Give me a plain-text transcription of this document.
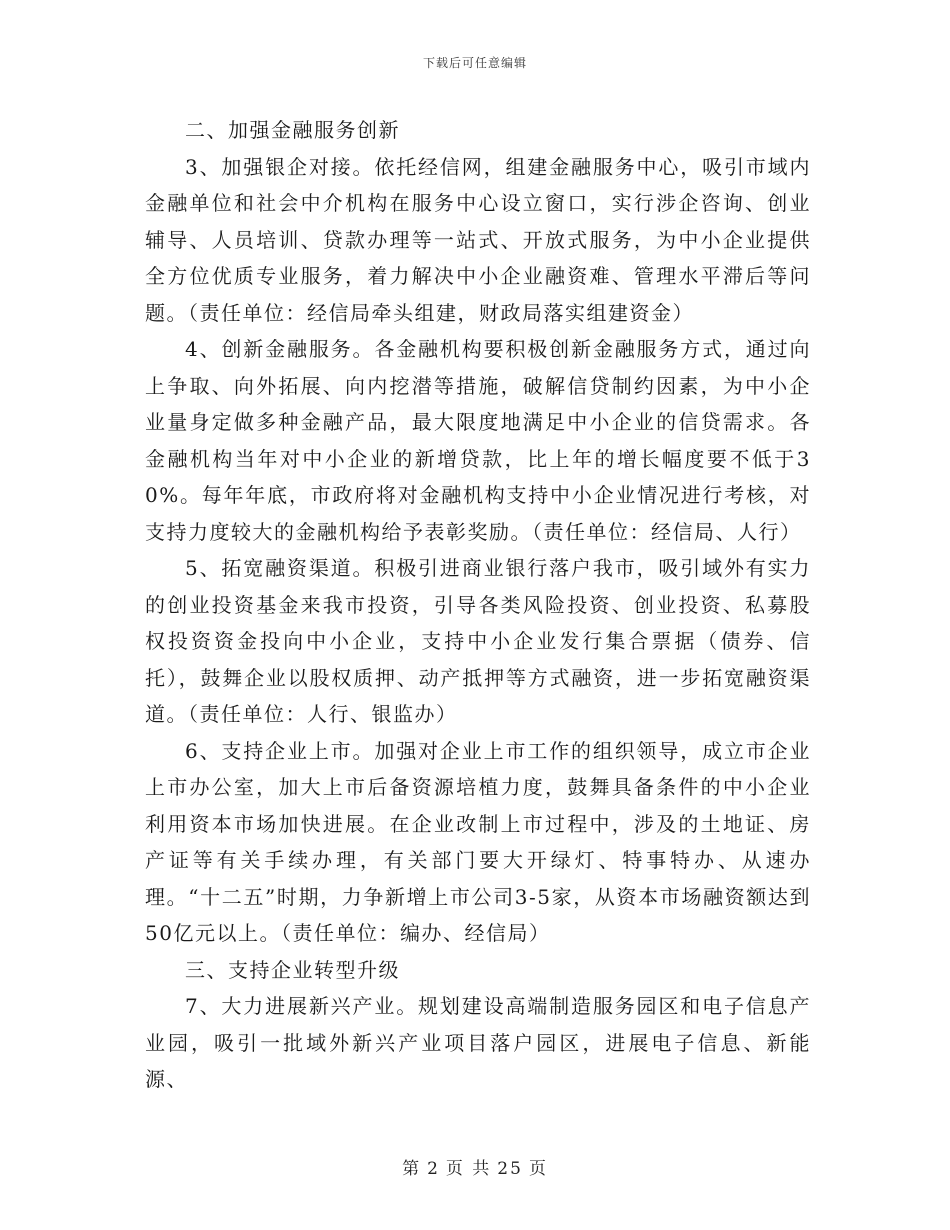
下载后可任意编辑

二、加强金融服务创新

3、加强银企对接。依托经信网，组建金融服务中心，吸引市域内金融单位和社会中介机构在服务中心设立窗口，实行涉企咨询、创业辅导、人员培训、贷款办理等一站式、开放式服务，为中小企业提供全方位优质专业服务，着力解决中小企业融资难、管理水平滞后等问题。（责任单位：经信局牵头组建，财政局落实组建资金）

4、创新金融服务。各金融机构要积极创新金融服务方式，通过向上争取、向外拓展、向内挖潜等措施，破解信贷制约因素，为中小企业量身定做多种金融产品，最大限度地满足中小企业的信贷需求。各金融机构当年对中小企业的新增贷款，比上年的增长幅度要不低于30%。每年年底，市政府将对金融机构支持中小企业情况进行考核，对支持力度较大的金融机构给予表彰奖励。（责任单位：经信局、人行）

5、拓宽融资渠道。积极引进商业银行落户我市，吸引域外有实力的创业投资基金来我市投资，引导各类风险投资、创业投资、私募股权投资资金投向中小企业，支持中小企业发行集合票据（债券、信托），鼓舞企业以股权质押、动产抵押等方式融资，进一步拓宽融资渠道。（责任单位：人行、银监办）

6、支持企业上市。加强对企业上市工作的组织领导，成立市企业上市办公室，加大上市后备资源培植力度，鼓舞具备条件的中小企业利用资本市场加快进展。在企业改制上市过程中，涉及的土地证、房产证等有关手续办理，有关部门要大开绿灯、特事特办、从速办理。“十二五”时期，力争新增上市公司3-5家，从资本市场融资额达到50亿元以上。（责任单位：编办、经信局）

三、支持企业转型升级

7、大力进展新兴产业。规划建设高端制造服务园区和电子信息产业园，吸引一批域外新兴产业项目落户园区，进展电子信息、新能源、

第 2 页 共 25 页
